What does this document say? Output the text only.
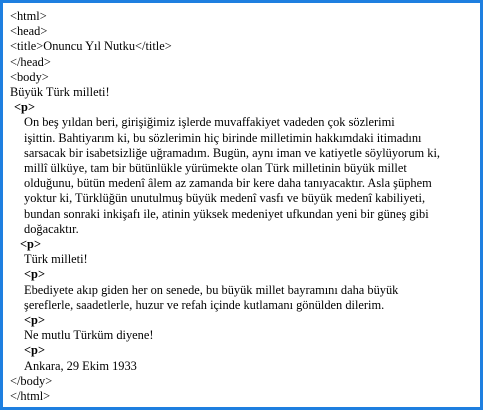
<html>
<head>
<title>Onuncu Yıl Nutku</title>
</head>
<body>
Büyük Türk milleti!
<p>
On beş yıldan beri, girişiğimiz işlerde muvaffakiyet vadeden çok sözlerimi
işittin. Bahtiyarım ki, bu sözlerimin hiç birinde milletimin hakkımdaki itimadını
sarsacak bir isabetsizliğe uğramadım. Bugün, aynı iman ve katiyetle söylüyorum ki,
millî ülküye, tam bir bütünlükle yürümekte olan Türk milletinin büyük millet
olduğunu, bütün medenî âlem az zamanda bir kere daha tanıyacaktır. Asla şüphem
yoktur ki, Türklüğün unutulmuş büyük medenî vasfı ve büyük medenî kabiliyeti,
bundan sonraki inkişafı ile, atinin yüksek medeniyet ufkundan yeni bir güneş gibi
doğacaktır.
<p>
Türk milleti!
<p>
Ebediyete akıp giden her on senede, bu büyük millet bayramını daha büyük
şereflerle, saadetlerle, huzur ve refah içinde kutlamanı gönülden dilerim.
<p>
Ne mutlu Türküm diyene!
<p>
Ankara, 29 Ekim 1933
</body>
</html>
